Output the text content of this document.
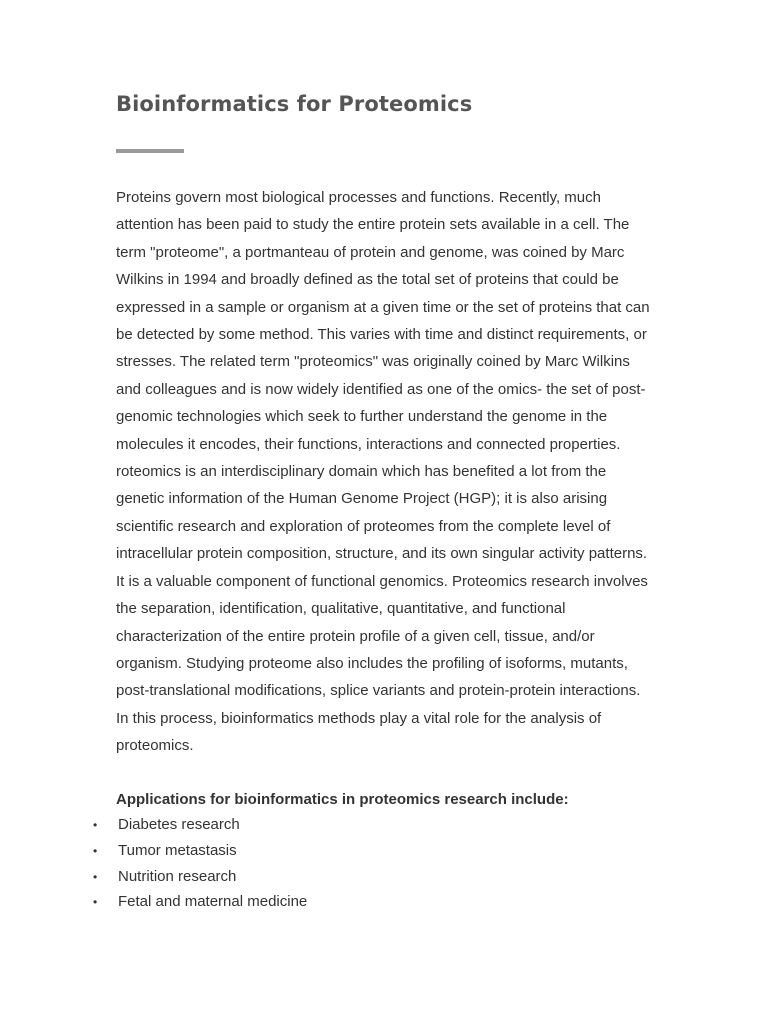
Bioinformatics for Proteomics

Proteins govern most biological processes and functions. Recently, much attention has been paid to study the entire protein sets available in a cell. The term "proteome", a portmanteau of protein and genome, was coined by Marc Wilkins in 1994 and broadly defined as the total set of proteins that could be expressed in a sample or organism at a given time or the set of proteins that can be detected by some method. This varies with time and distinct requirements, or stresses. The related term "proteomics" was originally coined by Marc Wilkins and colleagues and is now widely identified as one of the omics- the set of post-genomic technologies which seek to further understand the genome in the molecules it encodes, their functions, interactions and connected properties.

roteomics is an interdisciplinary domain which has benefited a lot from the genetic information of the Human Genome Project (HGP); it is also arising scientific research and exploration of proteomes from the complete level of intracellular protein composition, structure, and its own singular activity patterns. It is a valuable component of functional genomics. Proteomics research involves the separation, identification, qualitative, quantitative, and functional characterization of the entire protein profile of a given cell, tissue, and/or organism. Studying proteome also includes the profiling of isoforms, mutants, post-translational modifications, splice variants and protein-protein interactions. In this process, bioinformatics methods play a vital role for the analysis of proteomics.

Applications for bioinformatics in proteomics research include:

• Diabetes research
• Tumor metastasis
• Nutrition research
• Fetal and maternal medicine
